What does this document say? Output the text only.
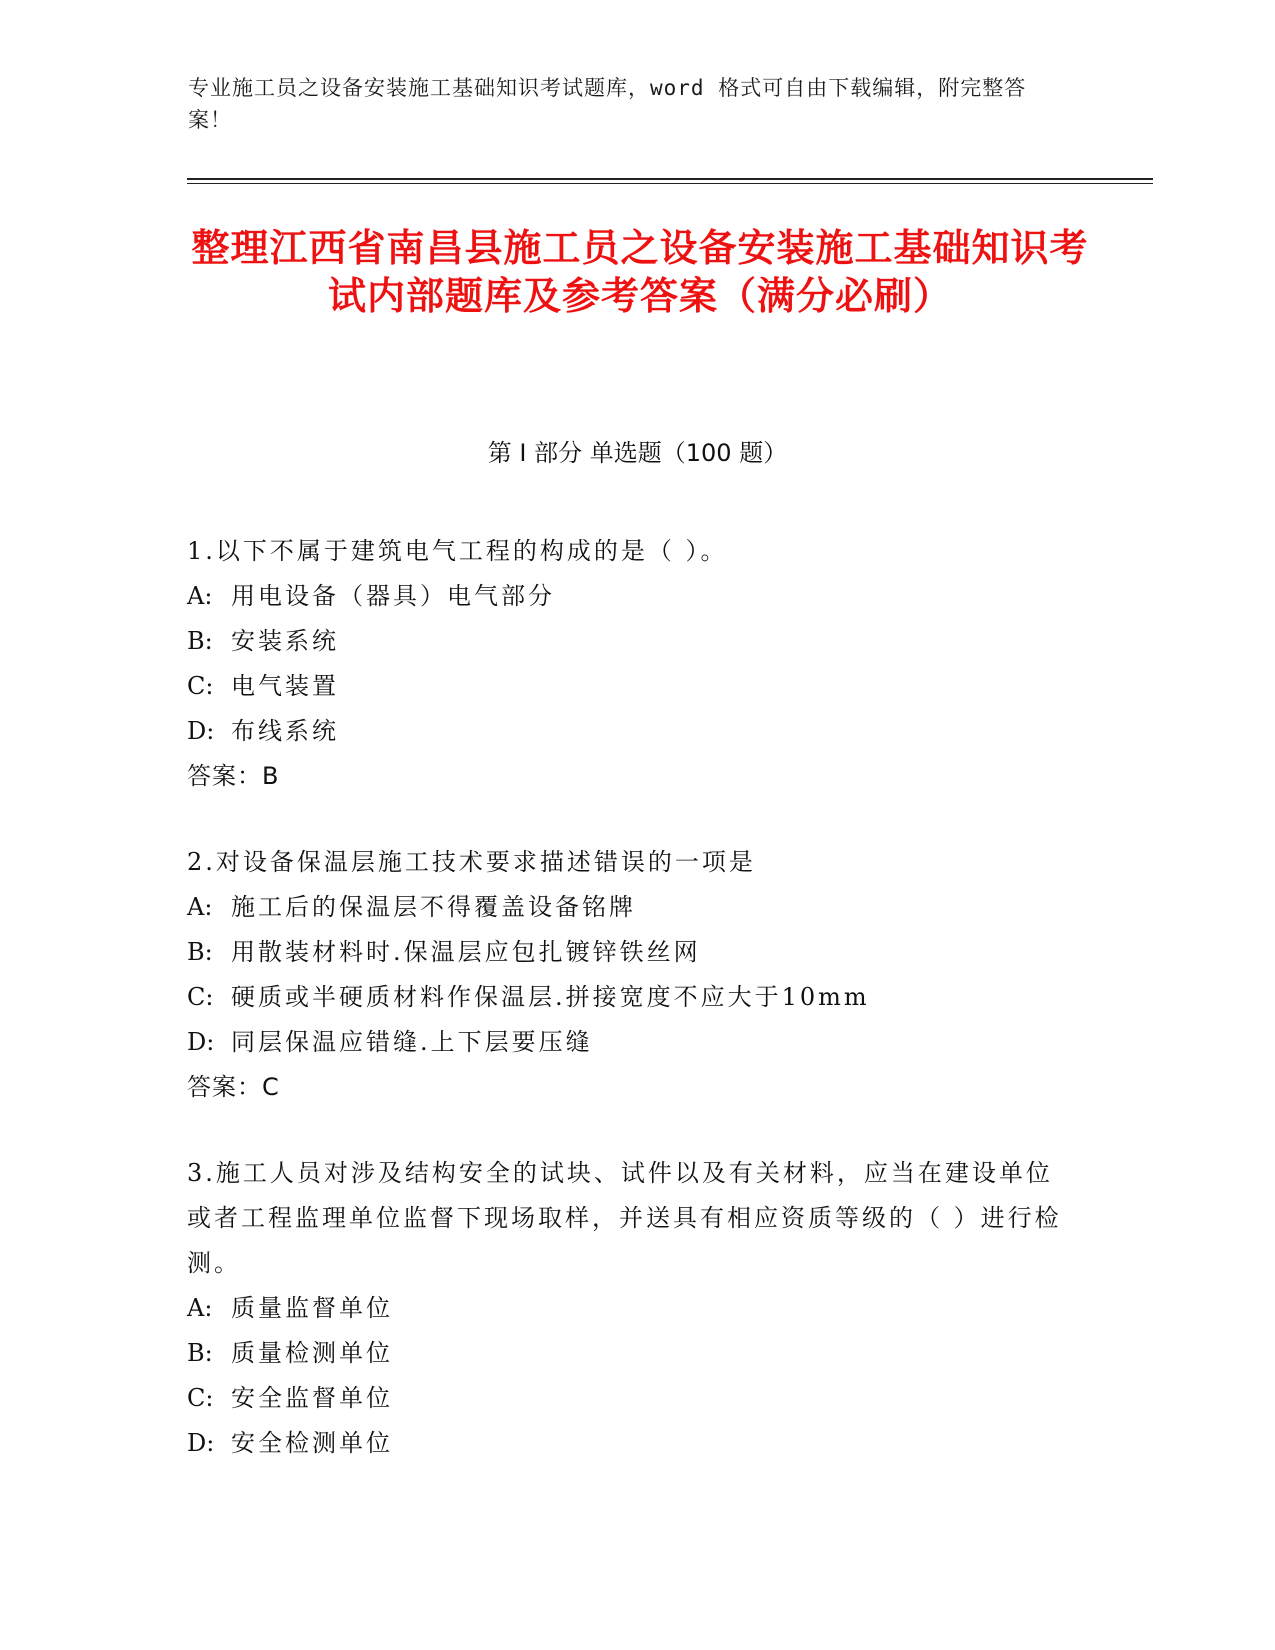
专业施工员之设备安装施工基础知识考试题库，word 格式可自由下载编辑，附完整答案！
整理江西省南昌县施工员之设备安装施工基础知识考试内部题库及参考答案（满分必刷）
第 I 部分 单选题（100 题）

1.以下不属于建筑电气工程的构成的是（ ）。

A: 用电设备（器具）电气部分

B: 安装系统

C: 电气装置

D: 布线系统

答案：B

2.对设备保温层施工技术要求描述错误的一项是

A: 施工后的保温层不得覆盖设备铭牌

B: 用散装材料时.保温层应包扎镀锌铁丝网

C: 硬质或半硬质材料作保温层.拼接宽度不应大于10mm

D: 同层保温应错缝.上下层要压缝

答案：C

3.施工人员对涉及结构安全的试块、试件以及有关材料，应当在建设单位或者工程监理单位监督下现场取样，并送具有相应资质等级的（ ）进行检测。

A: 质量监督单位

B: 质量检测单位

C: 安全监督单位

D: 安全检测单位
